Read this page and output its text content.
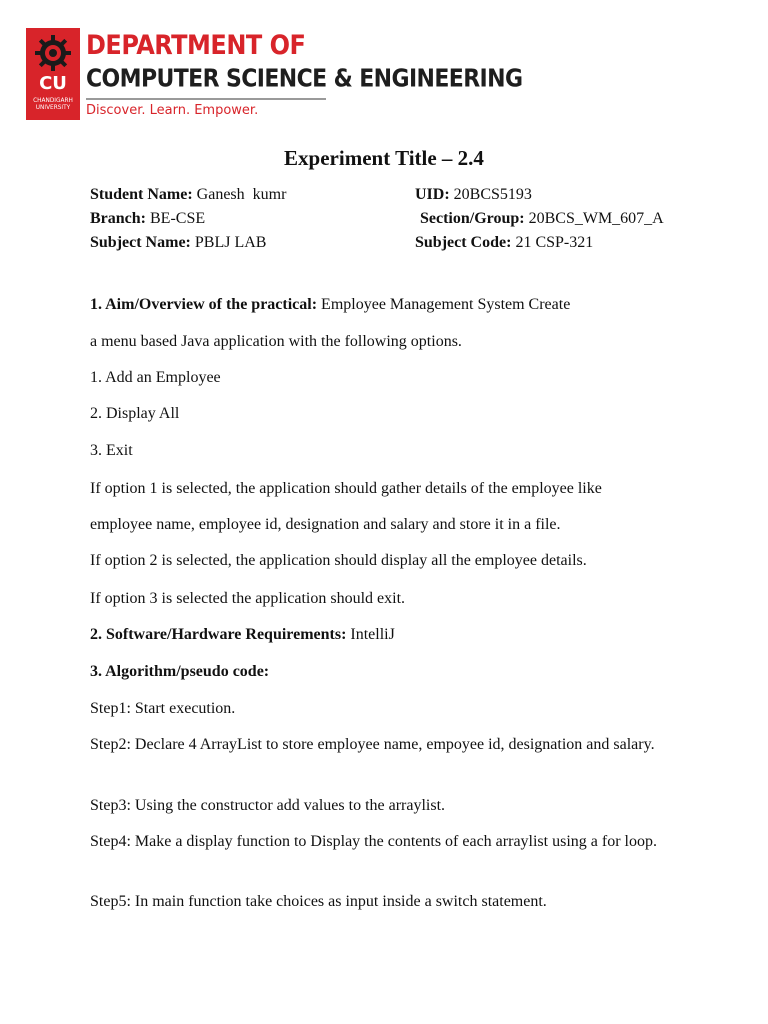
CU
CHANDIGARH
UNIVERSITY
DEPARTMENT OF
COMPUTER SCIENCE & ENGINEERING
Discover. Learn. Empower.
Experiment Title – 2.4
Student Name: Ganesh  kumr	UID: 20BCS5193
Branch: BE-CSE	Section/Group: 20BCS_WM_607_A
Subject Name: PBLJ LAB	Subject Code: 21 CSP-321
1. Aim/Overview of the practical: Employee Management System Create
a menu based Java application with the following options.
1. Add an Employee
2. Display All
3. Exit
If option 1 is selected, the application should gather details of the employee like
employee name, employee id, designation and salary and store it in a file.
If option 2 is selected, the application should display all the employee details.
If option 3 is selected the application should exit.
2. Software/Hardware Requirements: IntelliJ
3. Algorithm/pseudo code:
Step1: Start execution.
Step2: Declare 4 ArrayList to store employee name, empoyee id, designation and salary.
Step3: Using the constructor add values to the arraylist.
Step4: Make a display function to Display the contents of each arraylist using a for loop.
Step5: In main function take choices as input inside a switch statement.
